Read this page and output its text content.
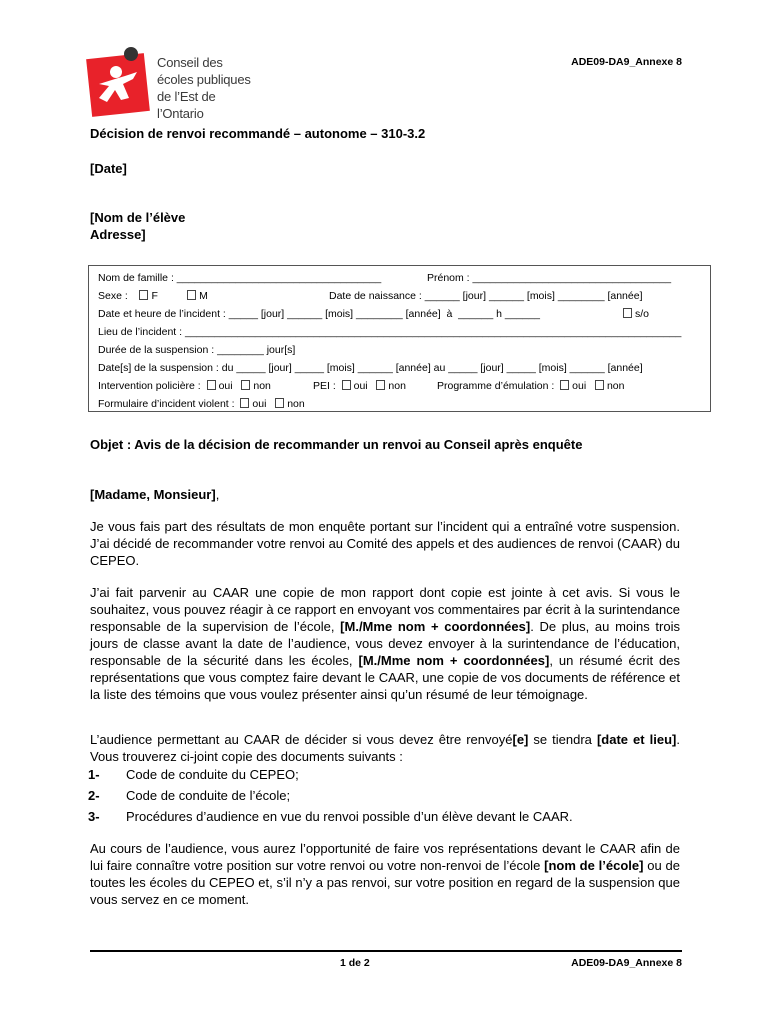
Conseil des
écoles publiques
de l’Est de l’Ontario
ADE09-DA9_Annexe 8
Décision de renvoi recommandé – autonome – 310-3.2
[Date]
[Nom de l’élève
Adresse]
Nom de famille : ___________________________________	Prénom : __________________________________
Sexe : F	M	Date de naissance : ______ [jour] ______ [mois] ________ [année]
Date et heure de l’incident : _____ [jour] ______ [mois] ________ [année]  à  ______ h ______	s/o
Lieu de l’incident : _____________________________________________________________________________________
Durée de la suspension : ________ jour[s]
Date[s] de la suspension : du _____ [jour] _____ [mois] ______ [année] au _____ [jour] _____ [mois] ______ [année]
Intervention policière : oui non	PEI : oui non	Programme d’émulation : oui non
Formulaire d’incident violent : oui non
Objet : Avis de la décision de recommander un renvoi au Conseil après enquête
[Madame, Monsieur],
Je vous fais part des résultats de mon enquête portant sur l’incident qui a entraîné votre suspension. J’ai décidé de recommander votre renvoi au Comité des appels et des audiences de renvoi (CAAR) du CEPEO.
J’ai fait parvenir au CAAR une copie de mon rapport dont copie est jointe à cet avis. Si vous le souhaitez, vous pouvez réagir à ce rapport en envoyant vos commentaires par écrit à la surintendance responsable de la supervision de l’école, [M./Mme nom + coordonnées]. De plus, au moins trois jours de classe avant la date de l’audience, vous devez envoyer à la surintendance de l’éducation, responsable de la sécurité dans les écoles, [M./Mme nom + coordonnées], un résumé écrit des représentations que vous comptez faire devant le CAAR, une copie de vos documents de référence et la liste des témoins que vous voulez présenter ainsi qu’un résumé de leur témoignage.
L’audience permettant au CAAR de décider si vous devez être renvoyé[e] se tiendra [date et lieu]. Vous trouverez ci-joint copie des documents suivants :
1- Code de conduite du CEPEO;
2- Code de conduite de l’école;
3- Procédures d’audience en vue du renvoi possible d’un élève devant le CAAR.
Au cours de l’audience, vous aurez l’opportunité de faire vos représentations devant le CAAR afin de lui faire connaître votre position sur votre renvoi ou votre non-renvoi de l’école [nom de l’école] ou de toutes les écoles du CEPEO et, s’il n’y a pas renvoi, sur votre position en regard de la suspension que vous servez en ce moment.
1 de 2	ADE09-DA9_Annexe 8
